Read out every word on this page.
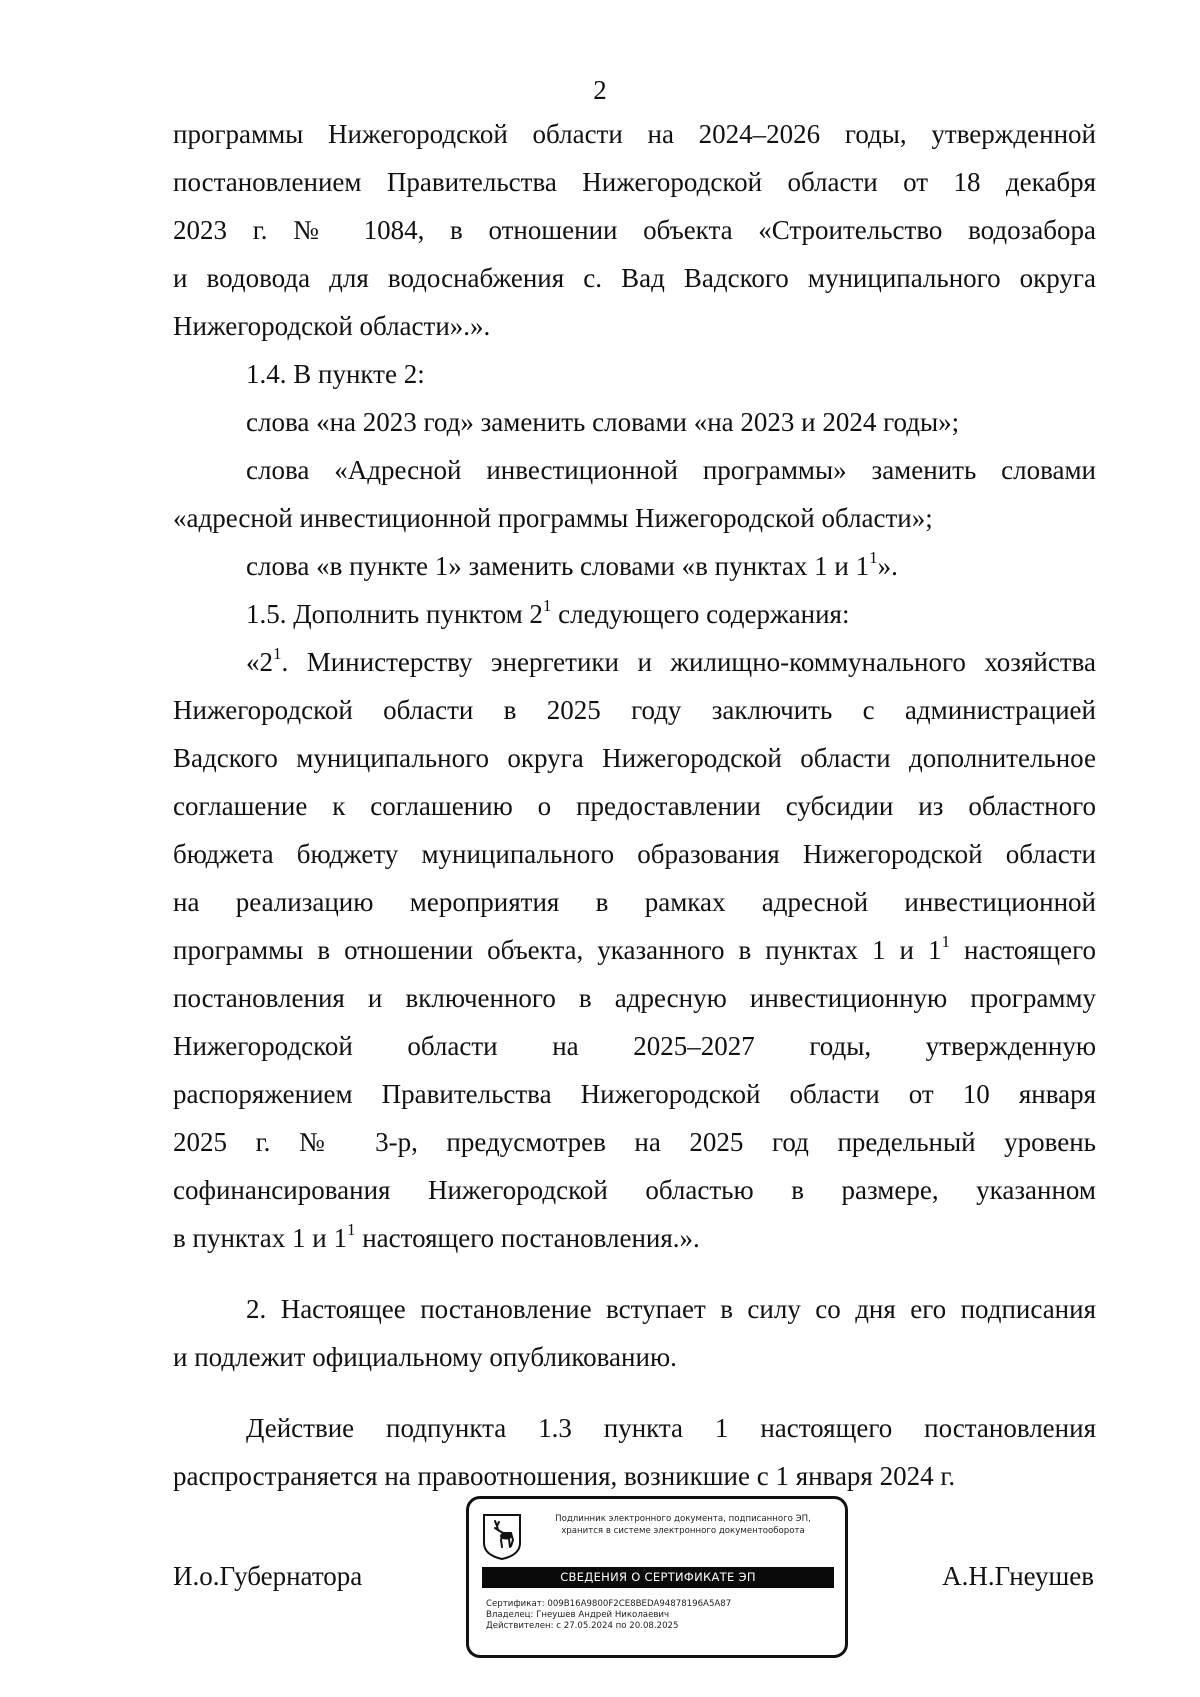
2

программы Нижегородской области на 2024–2026 годы, утвержденной

постановлением Правительства Нижегородской области от 18 декабря

2023 г. № 1084, в отношении объекта «Строительство водозабора

и водовода для водоснабжения с. Вад Вадского муниципального округа

Нижегородской области».».

1.4. В пункте 2:

слова «на 2023 год» заменить словами «на 2023 и 2024 годы»;

слова «Адресной инвестиционной программы» заменить словами

«адресной инвестиционной программы Нижегородской области»;

слова «в пункте 1» заменить словами «в пунктах 1 и $1^1$».

1.5. Дополнить пунктом $2^1$ следующего содержания:

«$2^1$. Министерству энергетики и жилищно-коммунального хозяйства

Нижегородской области в 2025 году заключить с администрацией

Вадского муниципального округа Нижегородской области дополнительное

соглашение к соглашению о предоставлении субсидии из областного

бюджета бюджету муниципального образования Нижегородской области

на реализацию мероприятия в рамках адресной инвестиционной

программы в отношении объекта, указанного в пунктах 1 и $1^1$ настоящего

постановления и включенного в адресную инвестиционную программу

Нижегородской области на 2025–2027 годы, утвержденную

распоряжением Правительства Нижегородской области от 10 января

2025 г. № 3-р, предусмотрев на 2025 год предельный уровень

софинансирования Нижегородской областью в размере, указанном

в пунктах 1 и $1^1$ настоящего постановления.».

2. Настоящее постановление вступает в силу со дня его подписания

и подлежит официальному опубликованию.

Действие подпункта 1.3 пункта 1 настоящего постановления

распространяется на правоотношения, возникшие с 1 января 2024 г.

И.о.Губернатора
Подлинник электронного документа, подписанного ЭП,
хранится в системе электронного документооборота
СВЕДЕНИЯ О СЕРТИФИКАТЕ ЭП
Сертификат: 009B16A9800F2CE8BEDA94878196A5A87
Владелец: Гнеушев Андрей Николаевич
Действителен: с 27.05.2024 по 20.08.2025
А.Н.Гнеушев
